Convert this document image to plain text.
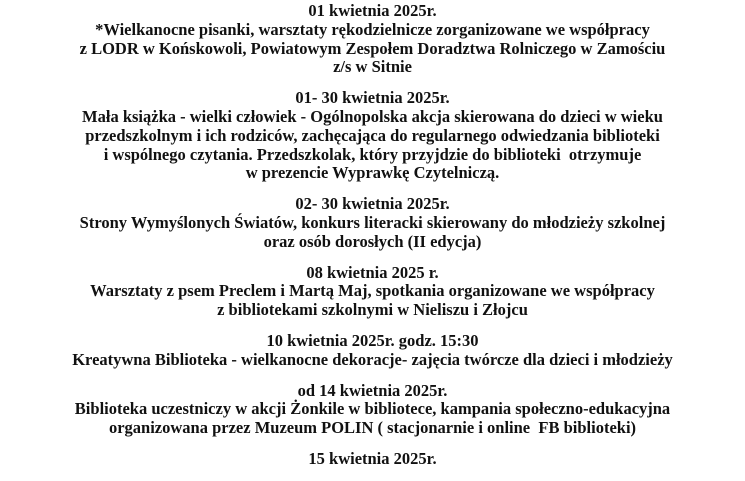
01 kwietnia 2025r.
*Wielkanocne pisanki, warsztaty rękodzielnicze zorganizowane we współpracy
z LODR w Końskowoli, Powiatowym Zespołem Doradztwa Rolniczego w Zamościu
z/s w Sitnie
01- 30 kwietnia 2025r.
Mała książka - wielki człowiek - Ogólnopolska akcja skierowana do dzieci w wieku
przedszkolnym i ich rodziców, zachęcająca do regularnego odwiedzania biblioteki
i wspólnego czytania. Przedszkolak, który przyjdzie do biblioteki  otrzymuje
w prezencie Wyprawkę Czytelniczą.
02- 30 kwietnia 2025r.
Strony Wymyślonych Światów, konkurs literacki skierowany do młodzieży szkolnej
oraz osób dorosłych (II edycja)
08 kwietnia 2025 r.
Warsztaty z psem Preclem i Martą Maj, spotkania organizowane we współpracy
z bibliotekami szkolnymi w Nieliszu i Złojcu
10 kwietnia 2025r. godz. 15:30
Kreatywna Biblioteka - wielkanocne dekoracje- zajęcia twórcze dla dzieci i młodzieży
od 14 kwietnia 2025r.
Biblioteka uczestniczy w akcji Żonkile w bibliotece, kampania społeczno-edukacyjna
organizowana przez Muzeum POLIN ( stacjonarnie i online  FB biblioteki)
15 kwietnia 2025r.
